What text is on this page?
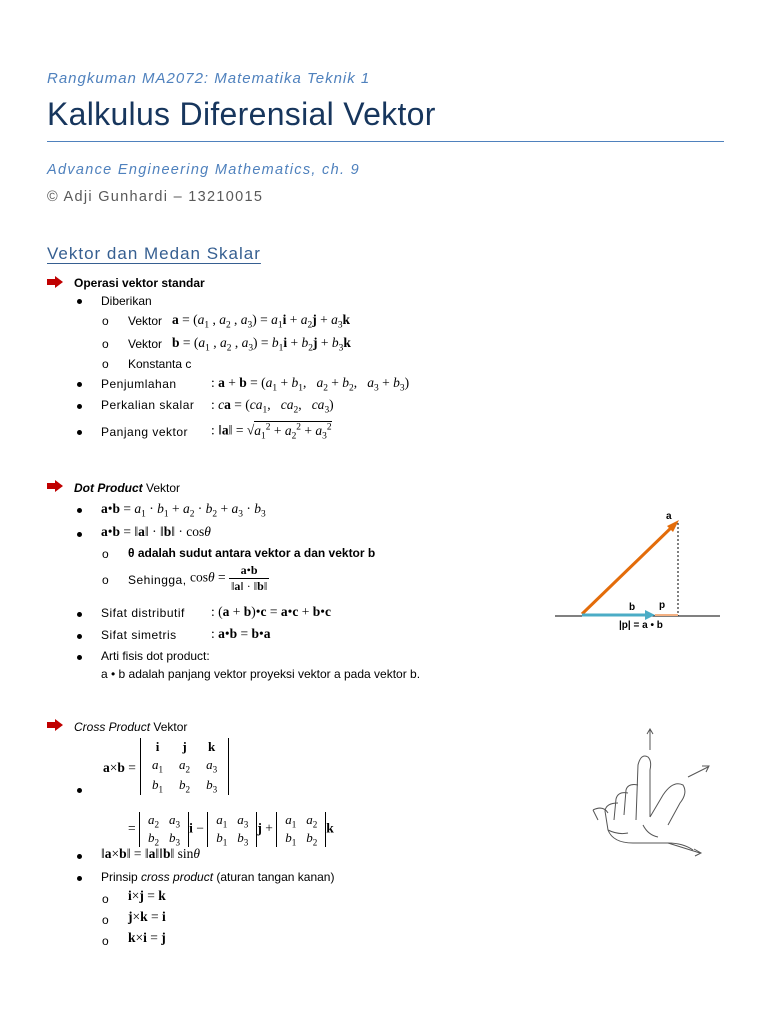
Rangkuman MA2072: Matematika Teknik 1
Kalkulus Diferensial Vektor
Advance Engineering Mathematics, ch. 9
© Adji Gunhardi – 13210015
Vektor dan Medan Skalar
Operasi vektor standar
Diberikan
o Vektor $a = (a_1$ , $a_2$ , $a_3) = a_1i + a_2j + a_3k$
o Vektor $b = (a_1$ , $a_2$ , $a_3) = b_1i + b_2j + b_3k$
o Konstanta c
Penjumlahan	: $a + b = (a_1 + b_1$,   $a_2 + b_2$,   $a_3 + b_3$)
Perkalian skalar : ca = ($ca_1$,   $ca_2$,   $ca_3$)
Panjang vektor : ‖a‖ = $√a_1^2 + a_2^2 + a_3^2$
Dot Product Vektor
a•b = $a_1 \cdot b_1 + a_2 \cdot b_2 + a_3 \cdot b_3$
a•b = ‖a‖ · ‖b‖ · cosθ
o θ adalah sudut antara vektor a dan vektor b
o Sehingga, $\cos\theta = \frac{a•b}{‖a‖ \cdot ‖b‖}$
Sifat distributif : (a + b)•c = a•c + b•c
Sifat simetris	: a•b = b•a
Arti fisis dot product:
a • b adalah panjang vektor proyeksi vektor a pada vektor b.
a
b p
|p| = a • b
Cross Product Vektor
a×b =
i	j	k
$a_1$	$a_2$	$a_3$
$b_1$	$b_2$	$b_3$
=
$a_2$	$a_3$
$b_2$	$b_3$
i −
$a_1$	$a_3$
$b_1$	$b_3$
j +
$a_1$	$a_2$
$b_1$	$b_2$
k
‖a×b‖ = ‖a‖‖b‖ sinθ
Prinsip cross product (aturan tangan kanan)
o i×j = k
o j×k = i
o k×i = j
